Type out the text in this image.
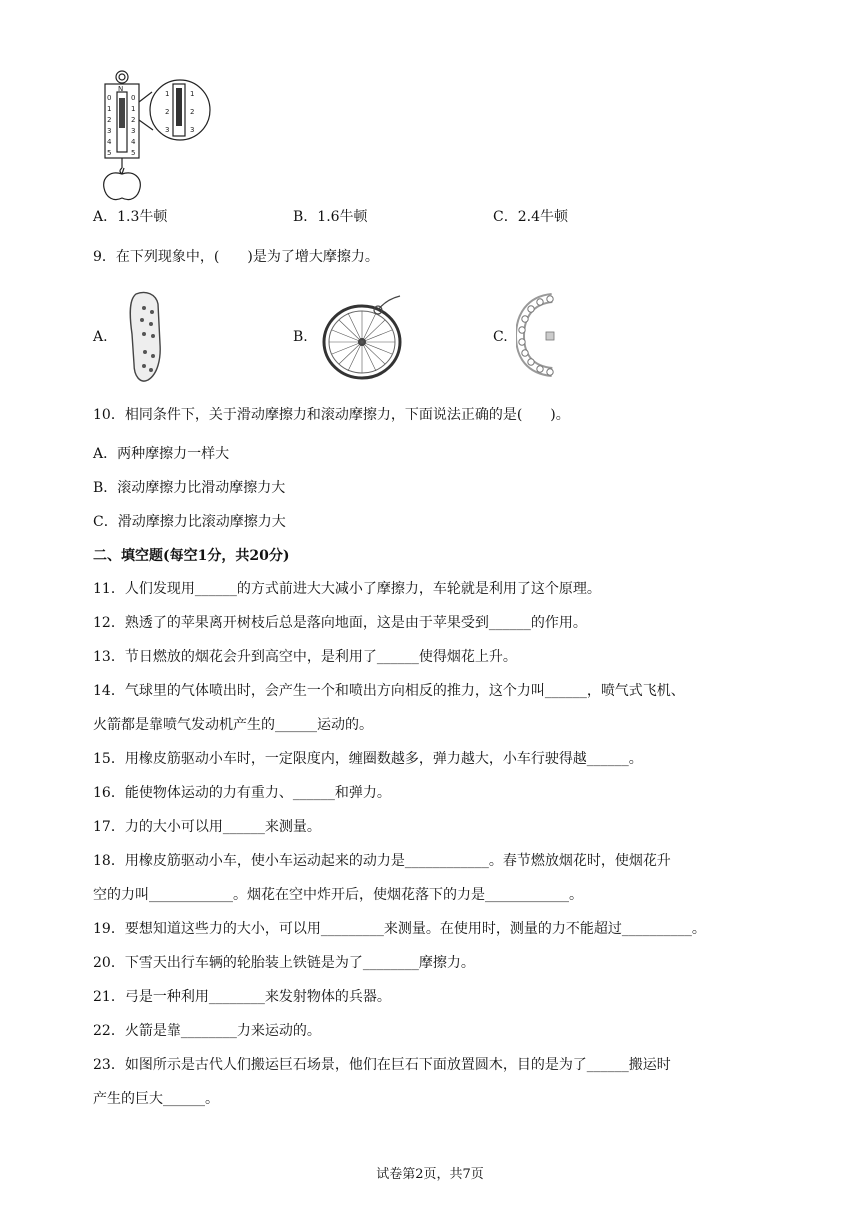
N
0
1
2
3
4
5
0
1
2
3
4
5
1
2
3
1
2
3
A．1.3牛顿	B．1.6牛顿	C．2.4牛顿
9．在下列现象中，(　　)是为了增大摩擦力。
A.	B.	C.
10．相同条件下，关于滑动摩擦力和滚动摩擦力，下面说法正确的是(　　)。
A．两种摩擦力一样大
B．滚动摩擦力比滑动摩擦力大
C．滑动摩擦力比滚动摩擦力大
二、填空题(每空1分，共20分)
11．人们发现用______的方式前进大大减小了摩擦力，车轮就是利用了这个原理。
12．熟透了的苹果离开树枝后总是落向地面，这是由于苹果受到______的作用。
13．节日燃放的烟花会升到高空中，是利用了______使得烟花上升。
14．气球里的气体喷出时，会产生一个和喷出方向相反的推力，这个力叫______，喷气式飞机、
火箭都是靠喷气发动机产生的______运动的。
15．用橡皮筋驱动小车时，一定限度内，缠圈数越多，弹力越大，小车行驶得越______。
16．能使物体运动的力有重力、______和弹力。
17．力的大小可以用______来测量。
18．用橡皮筋驱动小车，使小车运动起来的动力是____________。春节燃放烟花时，使烟花升
空的力叫____________。烟花在空中炸开后，使烟花落下的力是____________。
19．要想知道这些力的大小，可以用_________来测量。在使用时，测量的力不能超过__________。
20．下雪天出行车辆的轮胎装上铁链是为了________摩擦力。
21．弓是一种利用________来发射物体的兵器。
22．火箭是靠________力来运动的。
23．如图所示是古代人们搬运巨石场景，他们在巨石下面放置圆木，目的是为了______搬运时
产生的巨大______。
试卷第2页，共7页
